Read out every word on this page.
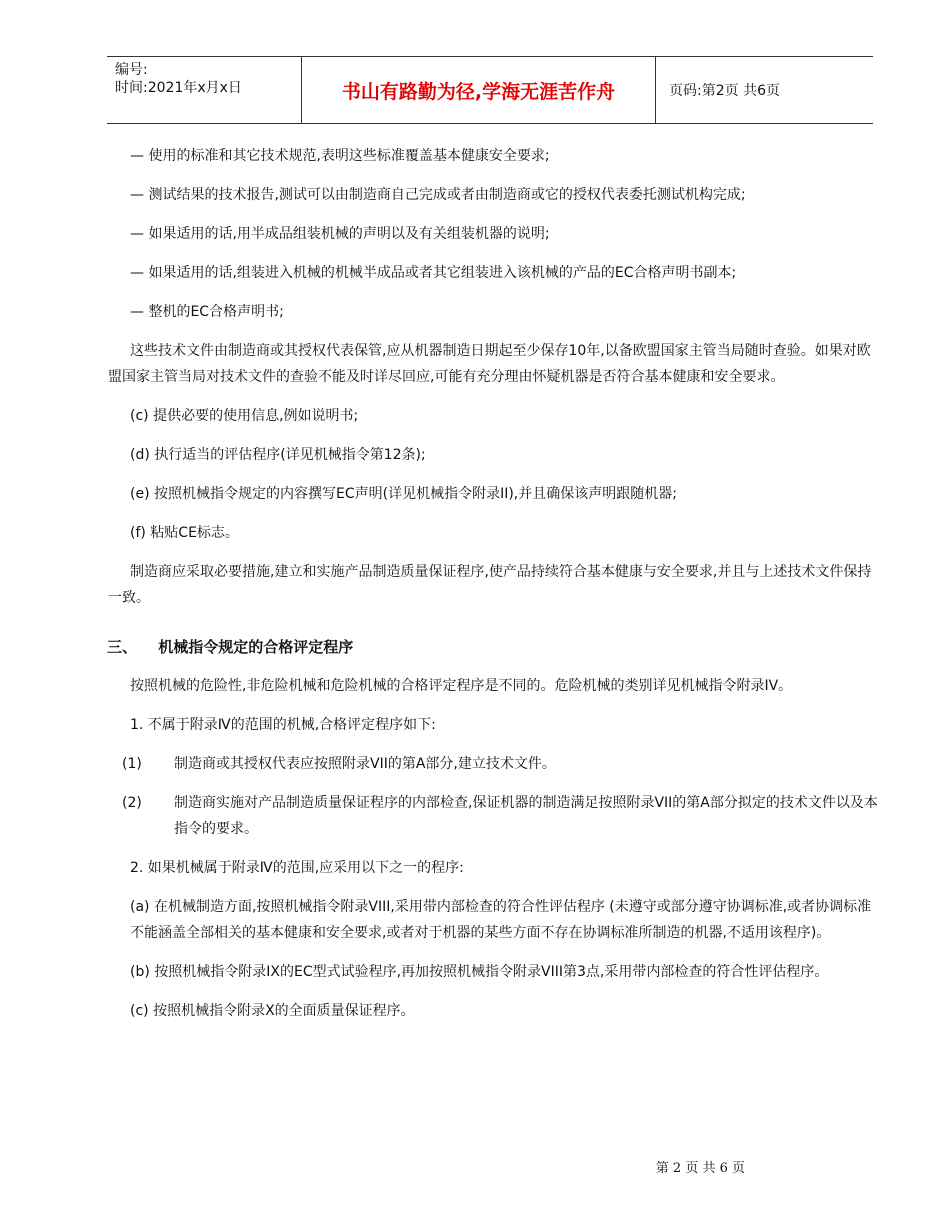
编号:
时间:2021年x月x日	书山有路勤为径,学海无涯苦作舟	页码:第2页 共6页

— 使用的标准和其它技术规范,表明这些标准覆盖基本健康安全要求;

— 测试结果的技术报告,测试可以由制造商自己完成或者由制造商或它的授权代表委托测试机构完成;

— 如果适用的话,用半成品组装机械的声明以及有关组装机器的说明;

— 如果适用的话,组装进入机械的机械半成品或者其它组装进入该机械的产品的EC合格声明书副本;

— 整机的EC合格声明书;

这些技术文件由制造商或其授权代表保管,应从机器制造日期起至少保存10年,以备欧盟国家主管当局随时查验。如果对欧盟国家主管当局对技术文件的查验不能及时详尽回应,可能有充分理由怀疑机器是否符合基本健康和安全要求。

(c) 提供必要的使用信息,例如说明书;

(d) 执行适当的评估程序(详见机械指令第12条);

(e) 按照机械指令规定的内容撰写EC声明(详见机械指令附录II),并且确保该声明跟随机器;

(f) 粘贴CE标志。

制造商应采取必要措施,建立和实施产品制造质量保证程序,使产品持续符合基本健康与安全要求,并且与上述技术文件保持一致。

三、 机械指令规定的合格评定程序

按照机械的危险性,非危险机械和危险机械的合格评定程序是不同的。危险机械的类别详见机械指令附录IV。

1. 不属于附录Ⅳ的范围的机械,合格评定程序如下:

(1) 制造商或其授权代表应按照附录VII的第A部分,建立技术文件。
(2) 制造商实施对产品制造质量保证程序的内部检查,保证机器的制造满足按照附录VII的第A部分拟定的技术文件以及本指令的要求。

2. 如果机械属于附录Ⅳ的范围,应采用以下之一的程序:

(a) 在机械制造方面,按照机械指令附录VIII,采用带内部检查的符合性评估程序 (未遵守或部分遵守协调标准,或者协调标准不能涵盖全部相关的基本健康和安全要求,或者对于机器的某些方面不存在协调标准所制造的机器,不适用该程序)。

(b) 按照机械指令附录IX的EC型式试验程序,再加按照机械指令附录VIII第3点,采用带内部检查的符合性评估程序。

(c) 按照机械指令附录X的全面质量保证程序。

第 2 页 共 6 页
